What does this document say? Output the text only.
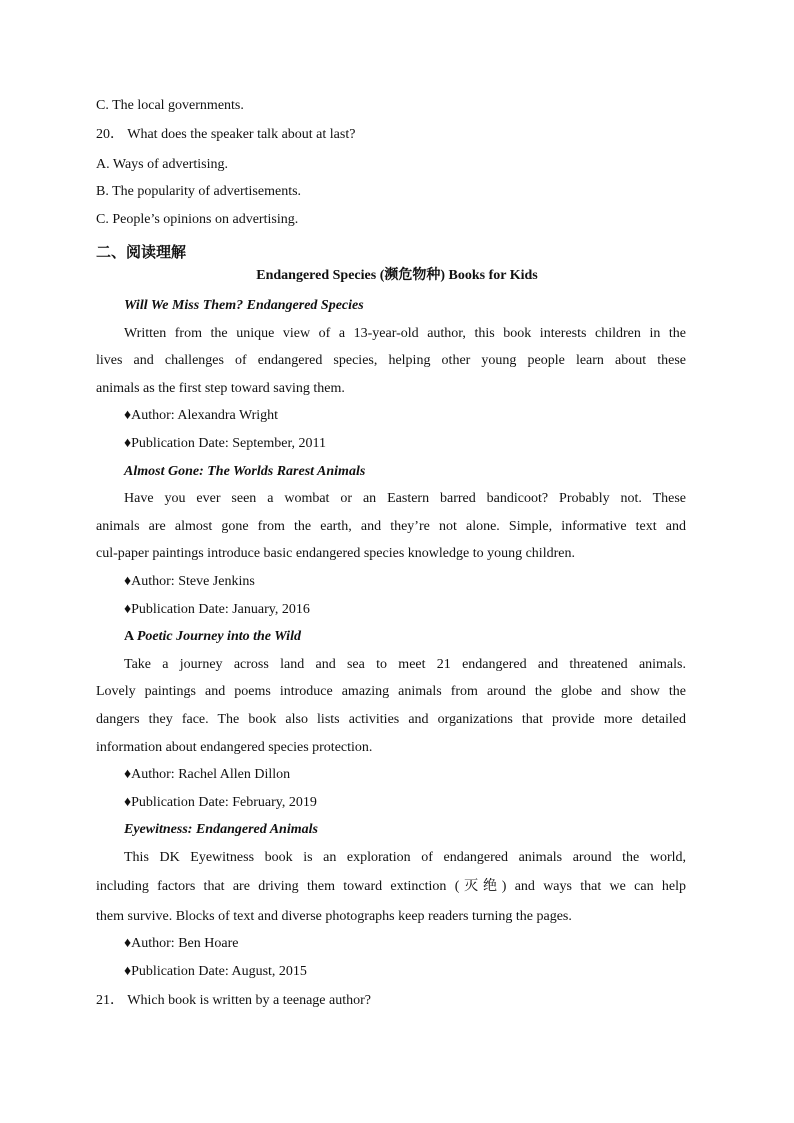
C. The local governments.
20． What does the speaker talk about at last?
A. Ways of advertising.
B. The popularity of advertisements.
C. People’s opinions on advertising.
二、阅读理解
Endangered Species (濒危物种) Books for Kids
Will We Miss Them? Endangered Species
Written from the unique view of a 13-year-old author, this book interests children in the
lives and challenges of endangered species, helping other young people learn about these
animals as the first step toward saving them.
♦Author: Alexandra Wright
♦Publication Date: September, 2011
Almost Gone: The Worlds Rarest Animals
Have you ever seen a wombat or an Eastern barred bandicoot? Probably not. These
animals are almost gone from the earth, and they’re not alone. Simple, informative text and
cul-paper paintings introduce basic endangered species knowledge to young children.
♦Author: Steve Jenkins
♦Publication Date: January, 2016
A Poetic Journey into the Wild
Take a journey across land and sea to meet 21 endangered and threatened animals.
Lovely paintings and poems introduce amazing animals from around the globe and show the
dangers they face. The book also lists activities and organizations that provide more detailed
information about endangered species protection.
♦Author: Rachel Allen Dillon
♦Publication Date: February, 2019
Eyewitness: Endangered Animals
This DK Eyewitness book is an exploration of endangered animals around the world,
including factors that are driving them toward extinction (灭绝) and ways that we can help
them survive. Blocks of text and diverse photographs keep readers turning the pages.
♦Author: Ben Hoare
♦Publication Date: August, 2015
21． Which book is written by a teenage author?
